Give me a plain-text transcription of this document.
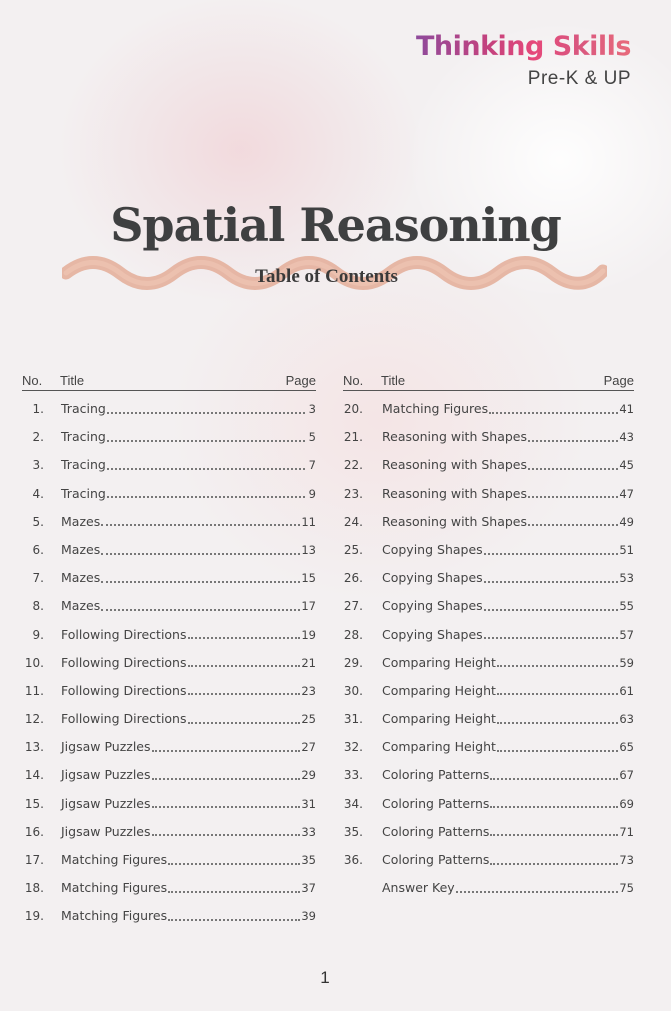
Thinking Skills
Pre-K & UP
Spatial Reasoning
Table of Contents
No.	Title	Page
1. Tracing	3
2. Tracing	5
3. Tracing	7
4. Tracing	9
5. Mazes	11
6. Mazes	13
7. Mazes	15
8. Mazes	17
9. Following Directions	19
10. Following Directions	21
11. Following Directions	23
12. Following Directions	25
13. Jigsaw Puzzles	27
14. Jigsaw Puzzles	29
15. Jigsaw Puzzles	31
16. Jigsaw Puzzles	33
17. Matching Figures	35
18. Matching Figures	37
19. Matching Figures	39
No.	Title	Page
20. Matching Figures	41
21. Reasoning with Shapes	43
22. Reasoning with Shapes	45
23. Reasoning with Shapes	47
24. Reasoning with Shapes	49
25. Copying Shapes	51
26. Copying Shapes	53
27. Copying Shapes	55
28. Copying Shapes	57
29. Comparing Height	59
30. Comparing Height	61
31. Comparing Height	63
32. Comparing Height	65
33. Coloring Patterns	67
34. Coloring Patterns	69
35. Coloring Patterns	71
36. Coloring Patterns	73
Answer Key	75
1
